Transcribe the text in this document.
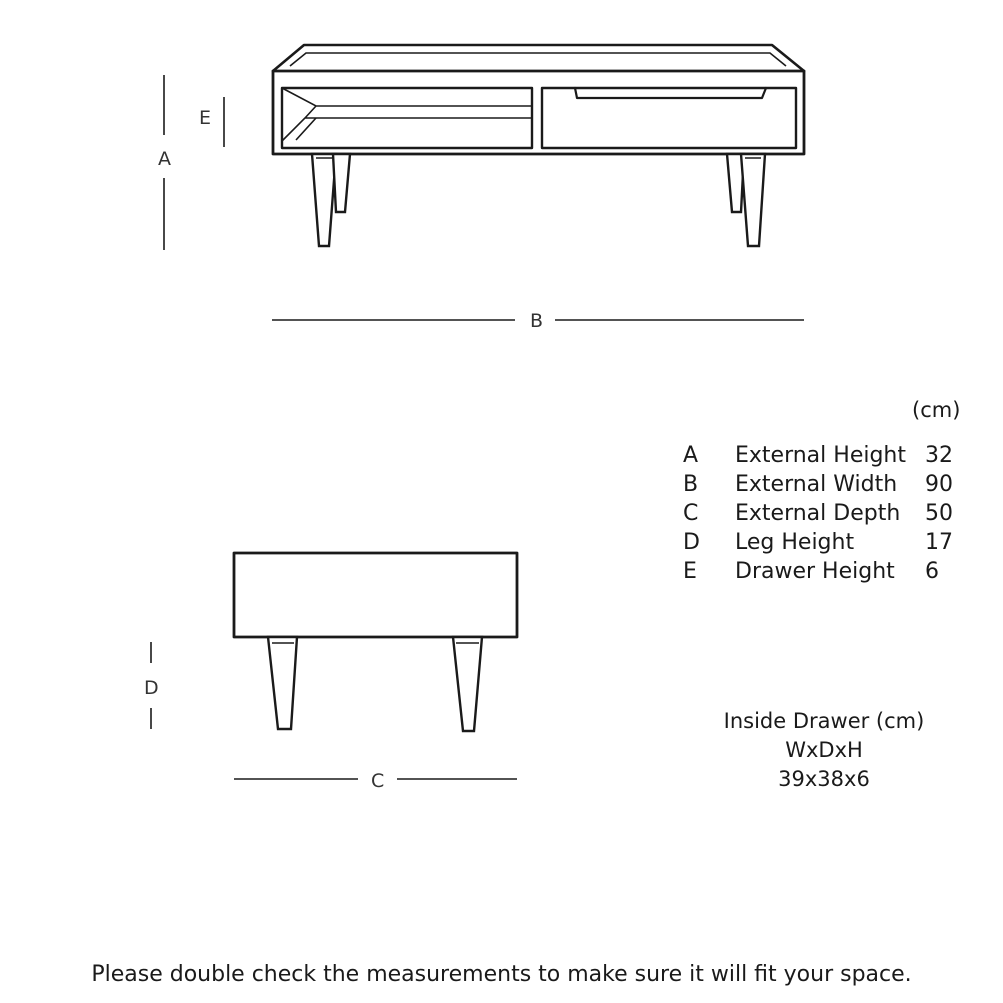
A
E
B
D
C
(cm)
A	External Height	32
B	External Width	90
C	External Depth	50
D	Leg Height	17
E	Drawer Height	6
Inside Drawer (cm)
WxDxH
39x38x6
Please double check the measurements to make sure it will fit your space.
